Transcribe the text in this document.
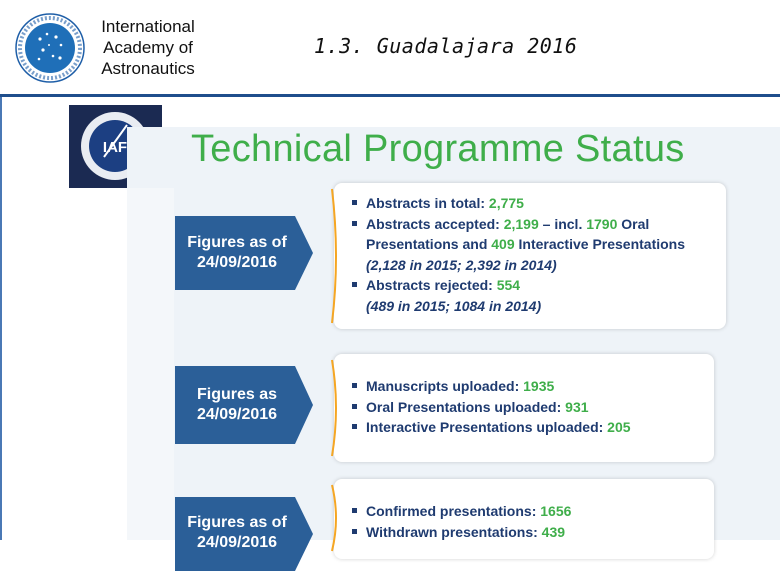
International
Academy of
Astronautics
1.3. Guadalajara 2016
IAF Technical Programme Status
Figures as of
24/09/2016
Abstracts in total: 2,775
Abstracts accepted: 2,199 – incl. 1790 Oral
Presentations and 409 Interactive Presentations
(2,128 in 2015; 2,392 in 2014)
Abstracts rejected: 554
(489 in 2015; 1084 in 2014)
Figures as
24/09/2016
Manuscripts uploaded: 1935
Oral Presentations uploaded: 931
Interactive Presentations uploaded: 205
Figures as of
24/09/2016
Confirmed presentations: 1656
Withdrawn presentations: 439
